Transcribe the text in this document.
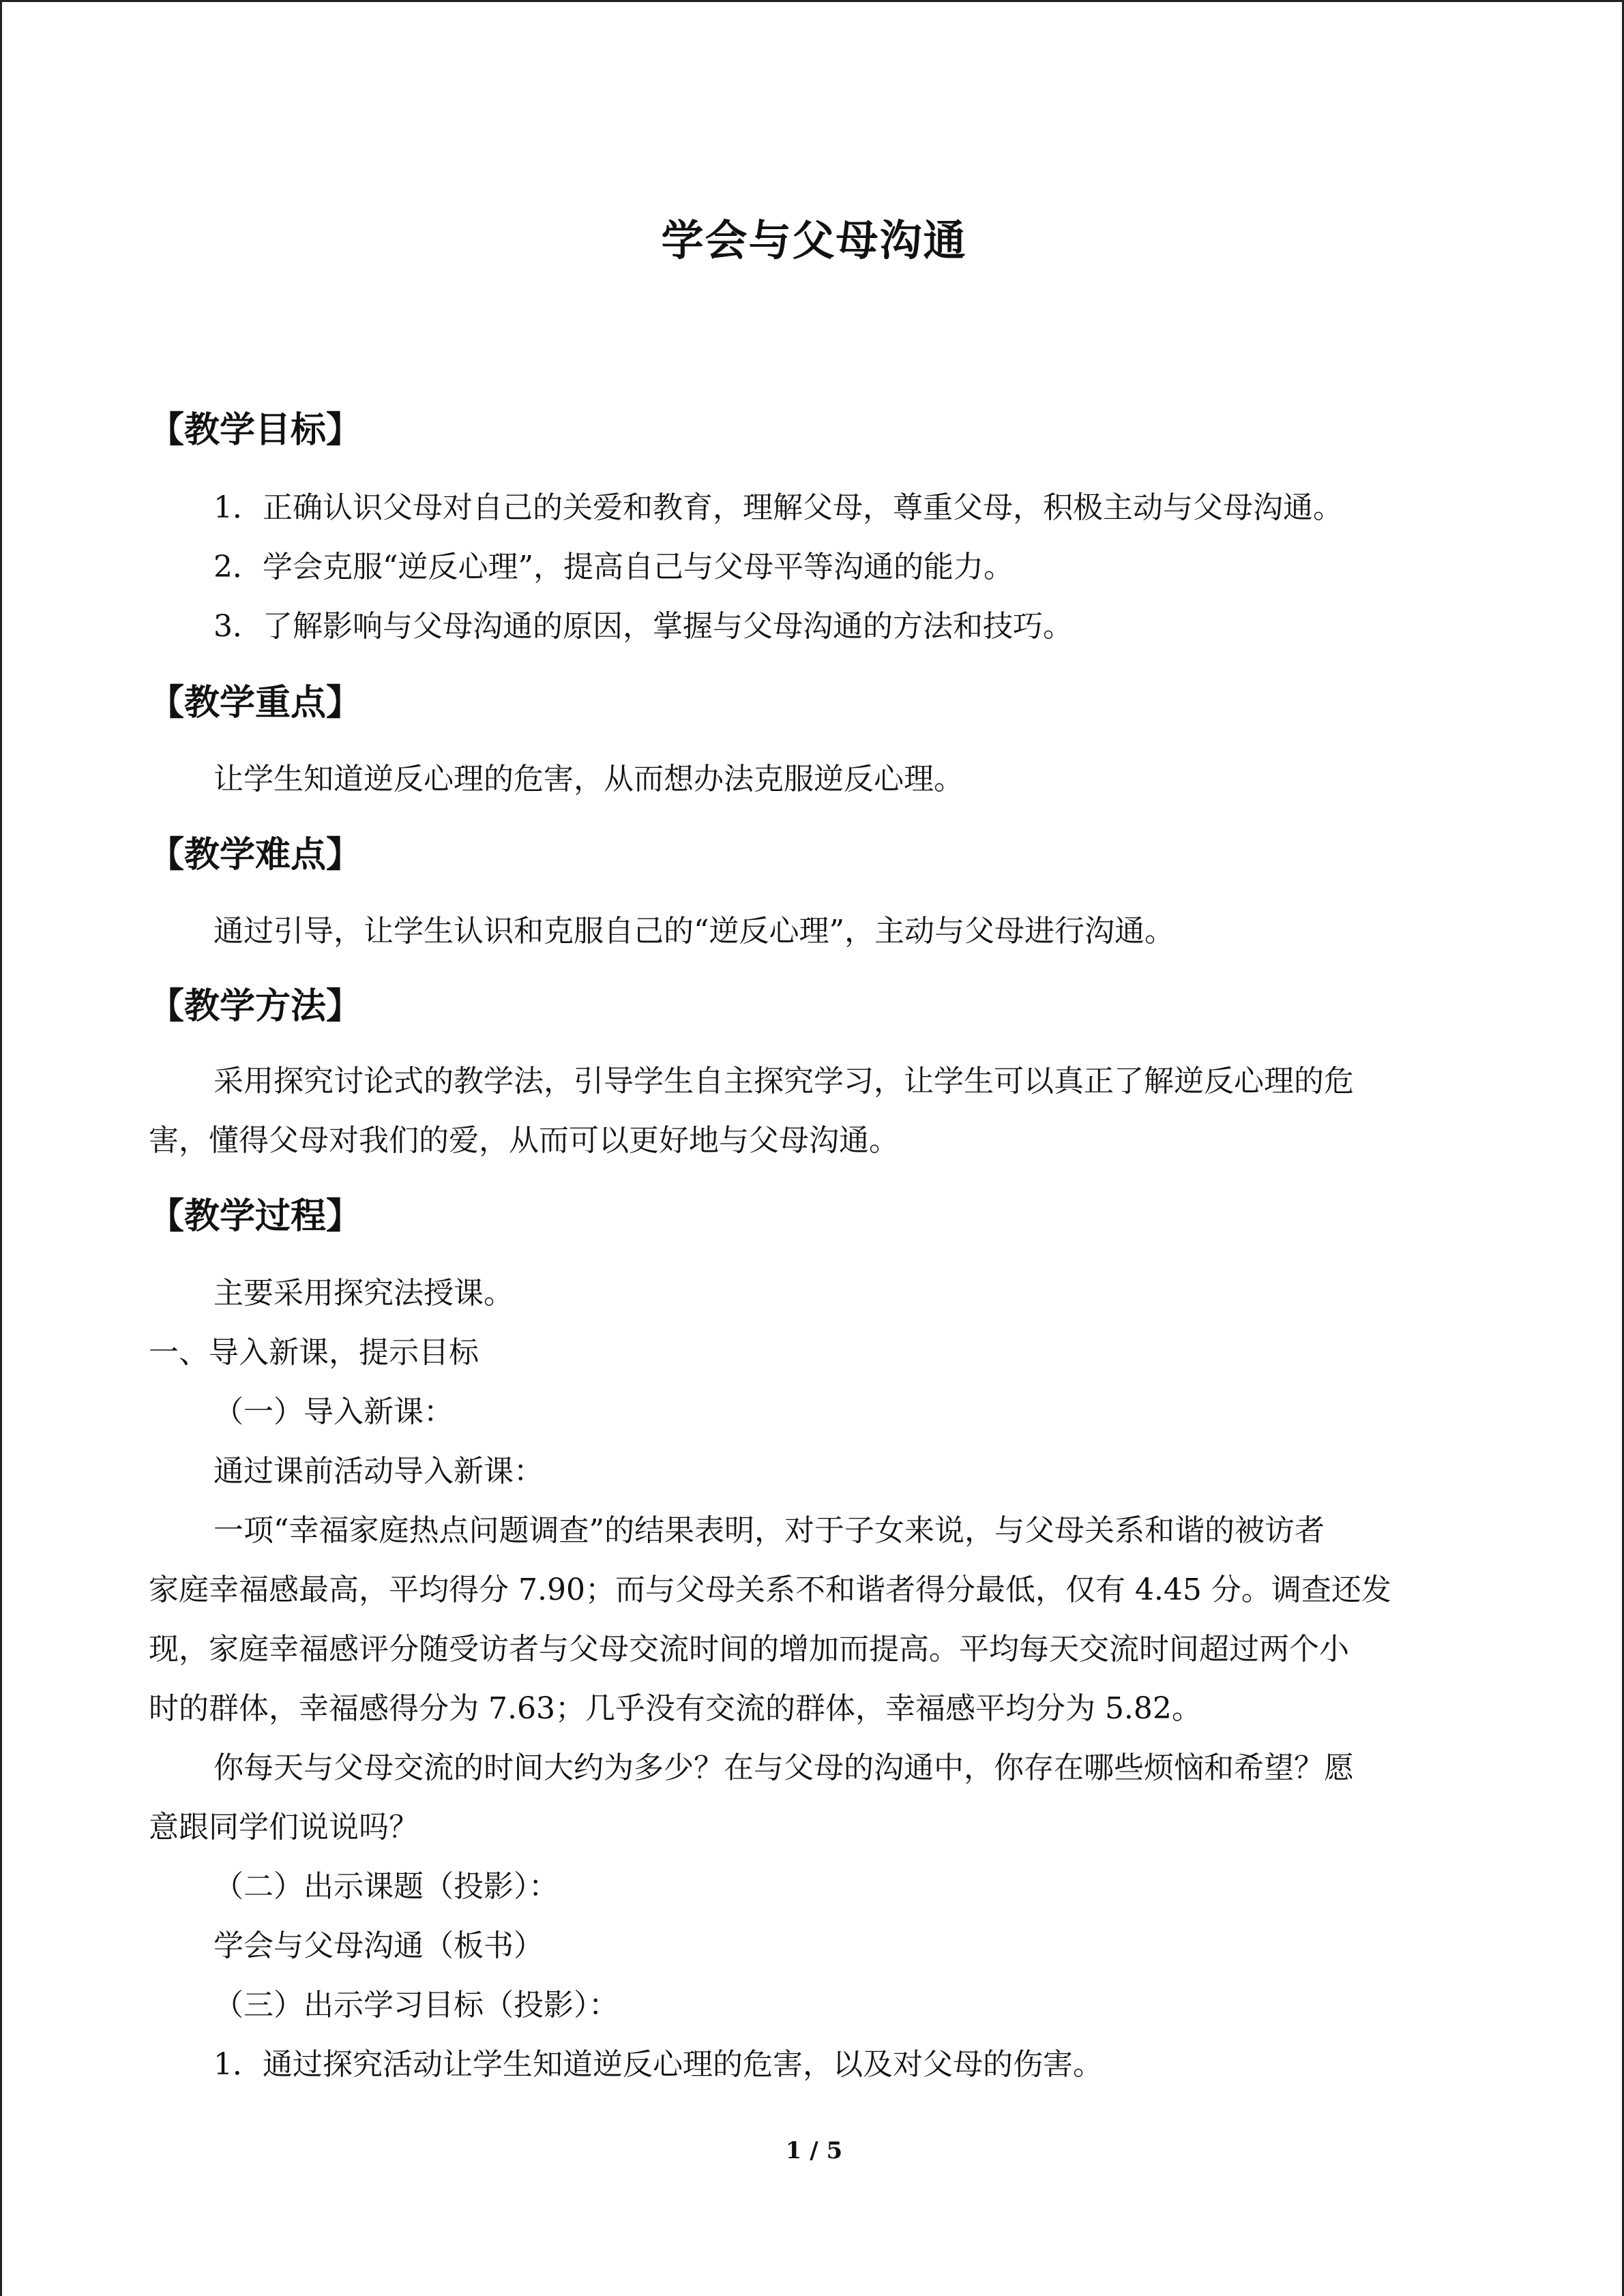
学会与父母沟通
【教学目标】
1．正确认识父母对自己的关爱和教育，理解父母，尊重父母，积极主动与父母沟通。
2．学会克服“逆反心理”，提高自己与父母平等沟通的能力。
3．了解影响与父母沟通的原因，掌握与父母沟通的方法和技巧。
【教学重点】
让学生知道逆反心理的危害，从而想办法克服逆反心理。
【教学难点】
通过引导，让学生认识和克服自己的“逆反心理”，主动与父母进行沟通。
【教学方法】
采用探究讨论式的教学法，引导学生自主探究学习，让学生可以真正了解逆反心理的危
害，懂得父母对我们的爱，从而可以更好地与父母沟通。
【教学过程】
主要采用探究法授课。
一、导入新课，提示目标
（一）导入新课：
通过课前活动导入新课：
一项“幸福家庭热点问题调查”的结果表明，对于子女来说，与父母关系和谐的被访者
家庭幸福感最高，平均得分 7.90；而与父母关系不和谐者得分最低，仅有 4.45 分。调查还发
现，家庭幸福感评分随受访者与父母交流时间的增加而提高。平均每天交流时间超过两个小
时的群体，幸福感得分为 7.63；几乎没有交流的群体，幸福感平均分为 5.82。
你每天与父母交流的时间大约为多少？在与父母的沟通中，你存在哪些烦恼和希望？愿
意跟同学们说说吗？
（二）出示课题（投影）：
学会与父母沟通（板书）
（三）出示学习目标（投影）：
1．通过探究活动让学生知道逆反心理的危害，以及对父母的伤害。
1 / 5
